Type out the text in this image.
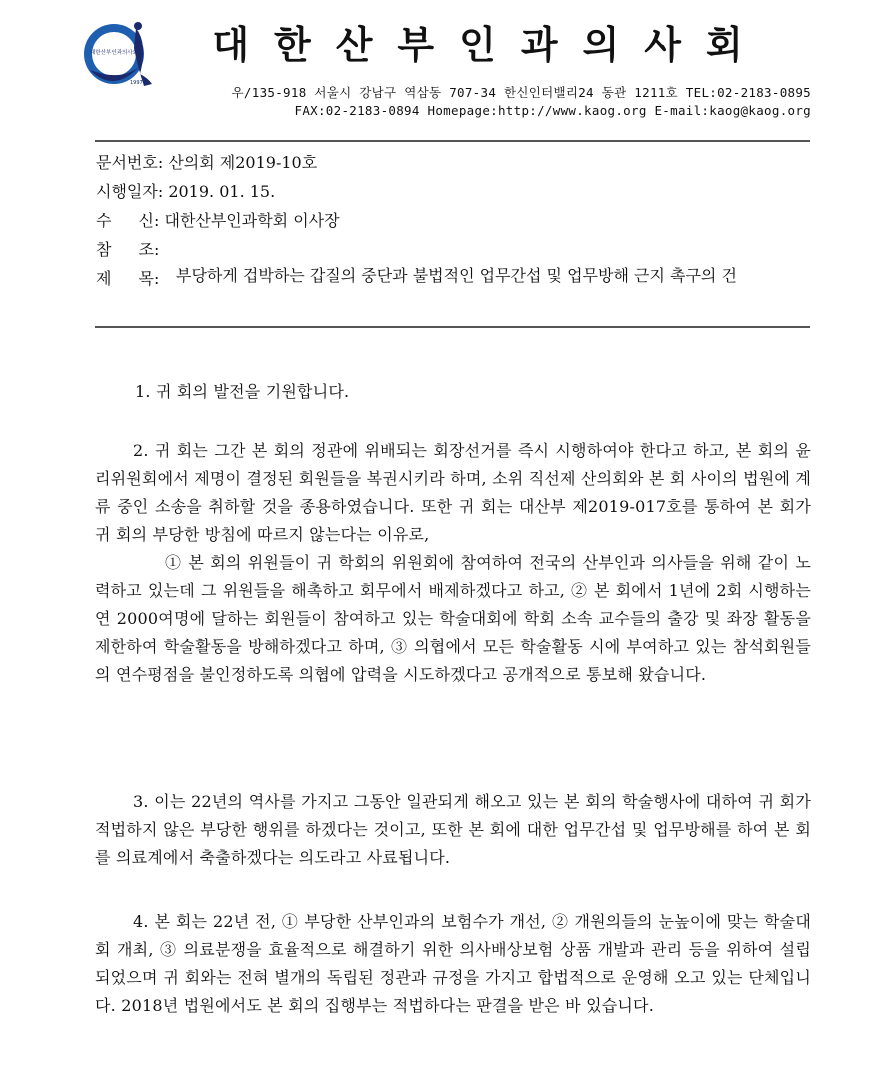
대한산부인과의사회
1997
대한산부인과의사회
우/135-918 서울시 강남구 역삼동 707-34 한신인터밸리24 동관 1211호 TEL:02-2183-0895
FAX:02-2183-0894 Homepage:http://www.kaog.org E-mail:kaog@kaog.org
문서번호: 산의회 제2019-10호
시행일자: 2019. 01. 15.
수 신: 대한산부인과학회 이사장
참 조:
제 목: 부당하게 겁박하는 갑질의 중단과 불법적인 업무간섭 및 업무방해 근지 촉구의 건

1. 귀 회의 발전을 기원합니다.

2. 귀 회는 그간 본 회의 정관에 위배되는 회장선거를 즉시 시행하여야 한다고 하고, 본 회의 윤리위원회에서 제명이 결정된 회원들을 복권시키라 하며, 소위 직선제 산의회와 본 회 사이의 법원에 계류 중인 소송을 취하할 것을 종용하였습니다. 또한 귀 회는 대산부 제2019-017호를 통하여 본 회가 귀 회의 부당한 방침에 따르지 않는다는 이유로,

① 본 회의 위원들이 귀 학회의 위원회에 참여하여 전국의 산부인과 의사들을 위해 같이 노력하고 있는데 그 위원들을 해촉하고 회무에서 배제하겠다고 하고, ② 본 회에서 1년에 2회 시행하는 연 2000여명에 달하는 회원들이 참여하고 있는 학술대회에 학회 소속 교수들의 출강 및 좌장 활동을 제한하여 학술활동을 방해하겠다고 하며, ③ 의협에서 모든 학술활동 시에 부여하고 있는 참석회원들의 연수평점을 불인정하도록 의협에 압력을 시도하겠다고 공개적으로 통보해 왔습니다.

3. 이는 22년의 역사를 가지고 그동안 일관되게 해오고 있는 본 회의 학술행사에 대하여 귀 회가 적법하지 않은 부당한 행위를 하겠다는 것이고, 또한 본 회에 대한 업무간섭 및 업무방해를 하여 본 회를 의료계에서 축출하겠다는 의도라고 사료됩니다.

4. 본 회는 22년 전, ① 부당한 산부인과의 보험수가 개선, ② 개원의들의 눈높이에 맞는 학술대회 개최, ③ 의료분쟁을 효율적으로 해결하기 위한 의사배상보험 상품 개발과 관리 등을 위하여 설립되었으며 귀 회와는 전혀 별개의 독립된 정관과 규정을 가지고 합법적으로 운영해 오고 있는 단체입니다. 2018년 법원에서도 본 회의 집행부는 적법하다는 판결을 받은 바 있습니다.
